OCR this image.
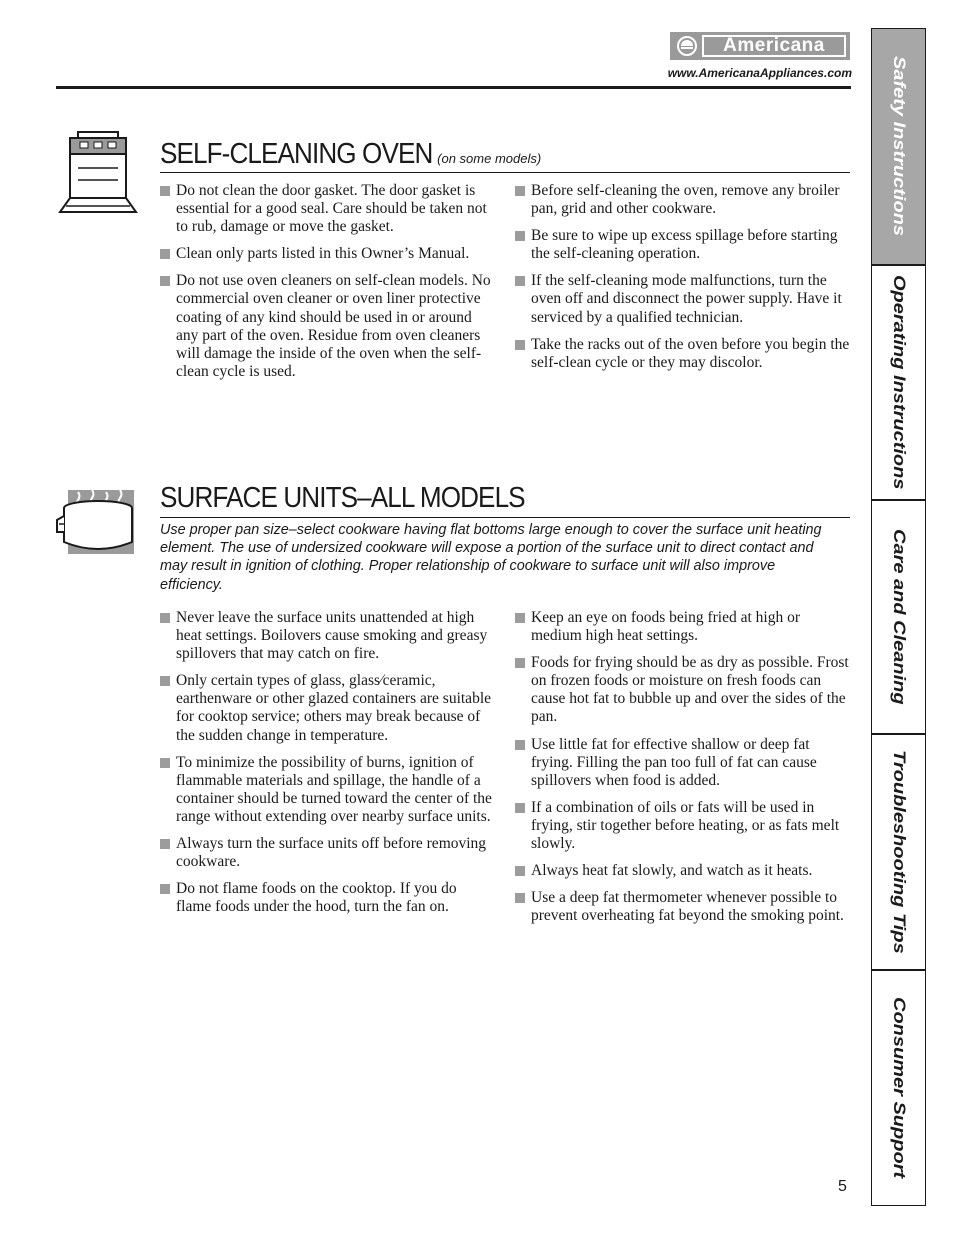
Americana
www.AmericanaAppliances.com Safety Instructions
Operating Instructions
Care and Cleaning
Troubleshooting Tips
Consumer Support
SELF-CLEANING OVEN (on some models)
Do not clean the door gasket. The door gasket is essential for a good seal. Care should be taken not to rub, damage or move the gasket.
Clean only parts listed in this Owner’s Manual.
Do not use oven cleaners on self-clean models. No commercial oven cleaner or oven liner protective coating of any kind should be used in or around any part of the oven. Residue from oven cleaners will damage the inside of the oven when the self-clean cycle is used.
Before self-cleaning the oven, remove any broiler pan, grid and other cookware.
Be sure to wipe up excess spillage before starting the self-cleaning operation.
If the self-cleaning mode malfunctions, turn the oven off and disconnect the power supply. Have it serviced by a qualified technician.
Take the racks out of the oven before you begin the self-clean cycle or they may discolor.
SURFACE UNITS–ALL MODELS
Use proper pan size–select cookware having flat bottoms large enough to cover the surface unit heating element. The use of undersized cookware will expose a portion of the surface unit to direct contact and may result in ignition of clothing. Proper relationship of cookware to surface unit will also improve efficiency.
Never leave the surface units unattended at high heat settings. Boilovers cause smoking and greasy spillovers that may catch on fire.
Only certain types of glass, glass⁄ceramic, earthenware or other glazed containers are suitable for cooktop service; others may break because of the sudden change in temperature.
To minimize the possibility of burns, ignition of flammable materials and spillage, the handle of a container should be turned toward the center of the range without extending over nearby surface units.
Always turn the surface units off before removing cookware.
Do not flame foods on the cooktop. If you do flame foods under the hood, turn the fan on.
Keep an eye on foods being fried at high or medium high heat settings.
Foods for frying should be as dry as possible. Frost on frozen foods or moisture on fresh foods can cause hot fat to bubble up and over the sides of the pan.
Use little fat for effective shallow or deep fat frying. Filling the pan too full of fat can cause spillovers when food is added.
If a combination of oils or fats will be used in frying, stir together before heating, or as fats melt slowly.
Always heat fat slowly, and watch as it heats.
Use a deep fat thermometer whenever possible to prevent overheating fat beyond the smoking point.
5
